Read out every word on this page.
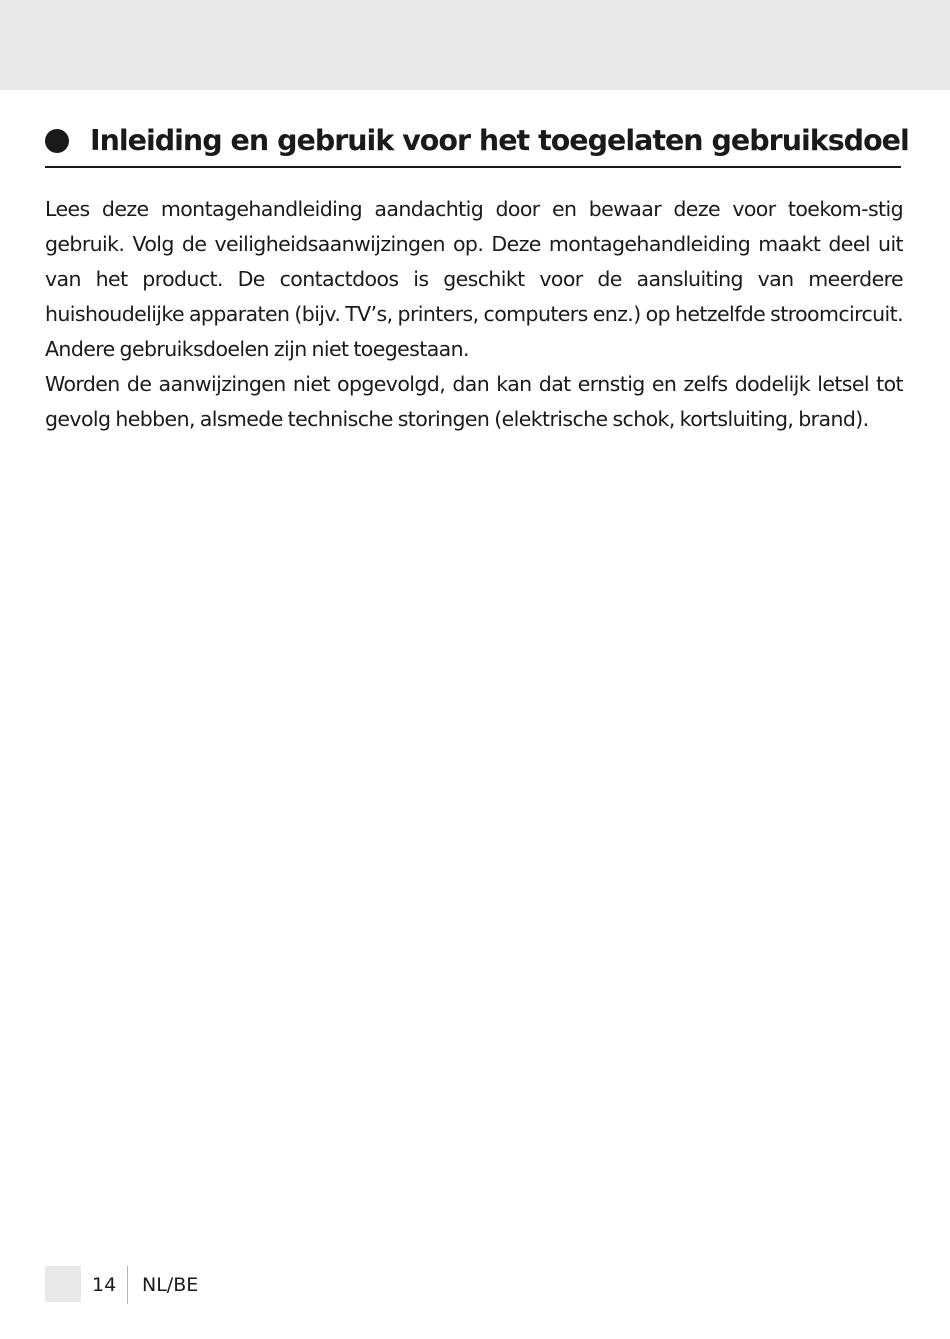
Inleiding en gebruik voor het toegelaten gebruiksdoel

Lees deze montagehandleiding aandachtig door en bewaar deze voor toekom-stig gebruik. Volg de veiligheidsaanwijzingen op. Deze montagehandleiding maakt deel uit van het product. De contactdoos is geschikt voor de aansluiting van meerdere huishoudelijke apparaten (bijv. TV’s, printers, computers enz.) op hetzelfde stroomcircuit. Andere gebruiksdoelen zijn niet toegestaan.

Worden de aanwijzingen niet opgevolgd, dan kan dat ernstig en zelfs dodelijk letsel tot gevolg hebben, alsmede technische storingen (elektrische schok, kortsluiting, brand).

14 NL/BE
